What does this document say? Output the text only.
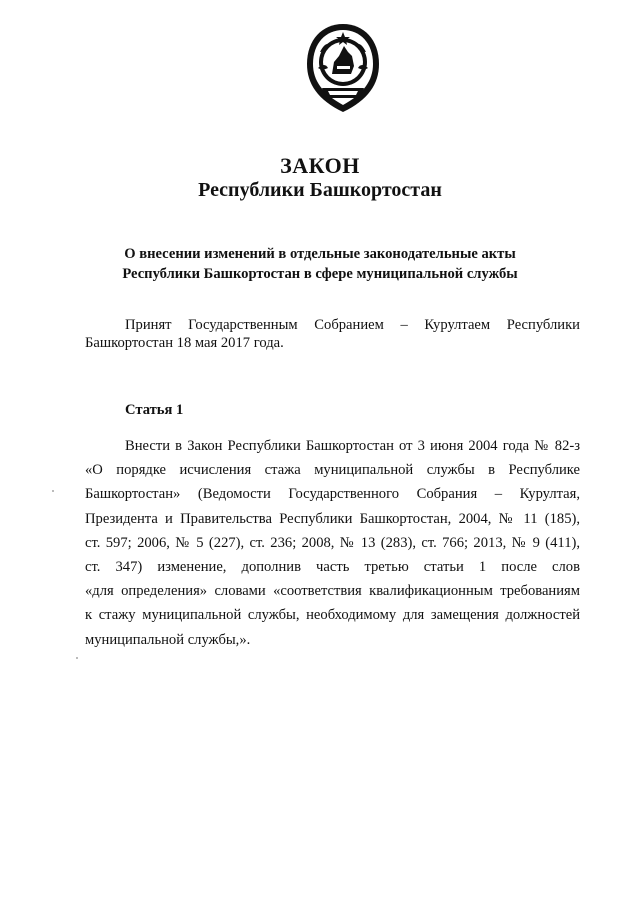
ЗАКОН
Республики Башкортостан
О внесении изменений в отдельные законодательные акты
Республики Башкортостан в сфере муниципальной службы
Принят Государственным Собранием – Курултаем Республики
Башкортостан 18 мая 2017 года.
Статья 1
Внести в Закон Республики Башкортостан от 3 июня 2004 года № 82-з
«О порядке исчисления стажа муниципальной службы в Республике
Башкортостан» (Ведомости Государственного Собрания – Курултая,
Президента и Правительства Республики Башкортостан, 2004, № 11 (185),
ст. 597; 2006, № 5 (227), ст. 236; 2008, № 13 (283), ст. 766; 2013, № 9 (411),
ст. 347) изменение, дополнив часть третью статьи 1 после слов
«для определения» словами «соответствия квалификационным требованиям
к стажу муниципальной службы, необходимому для замещения должностей
муниципальной службы,».
